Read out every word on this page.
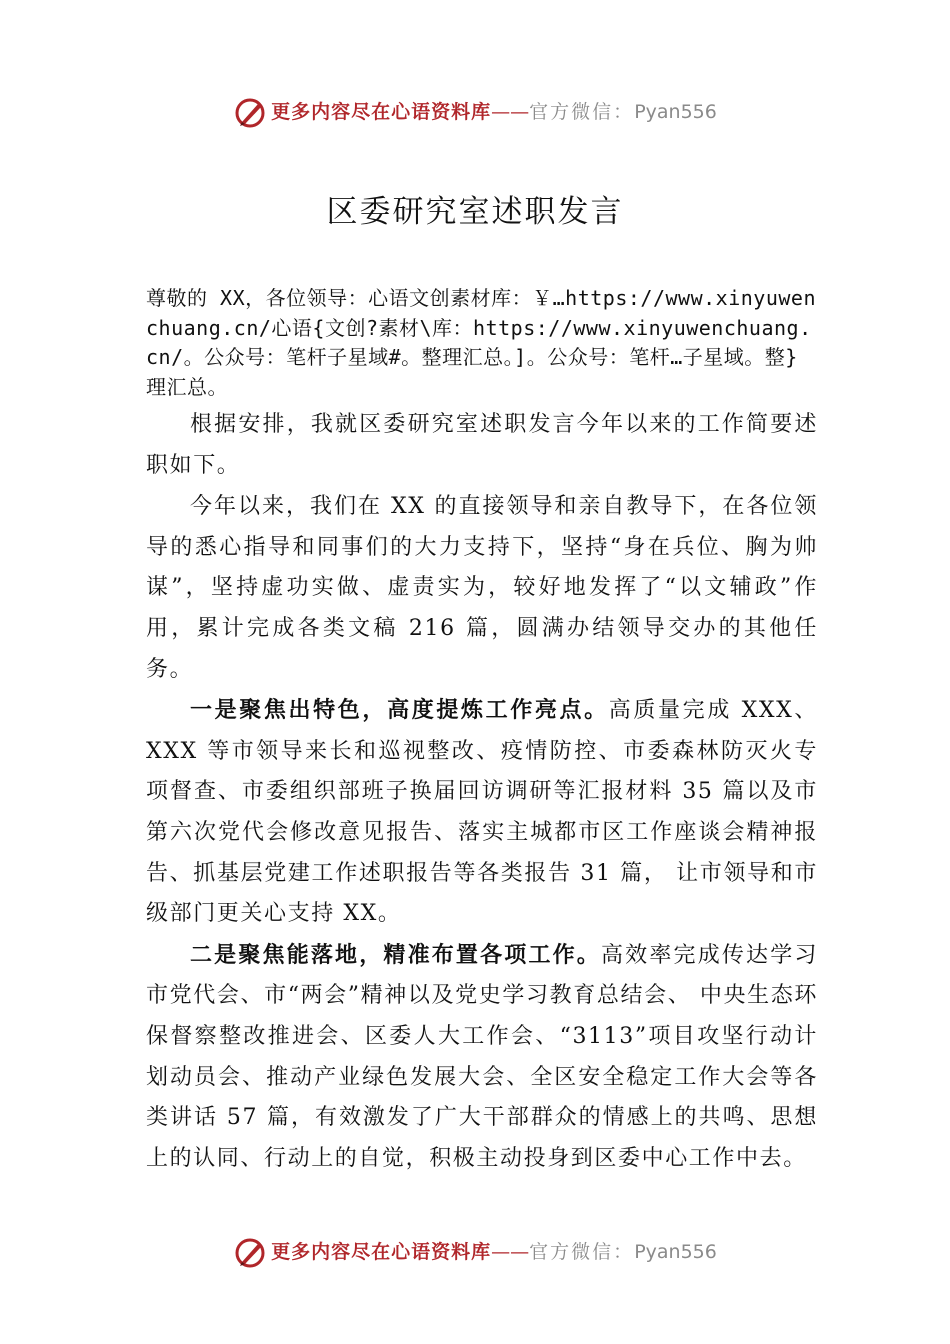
更多内容尽在心语资料库——官方微信：Pyan556
区委研究室述职发言
尊敬的 XX，各位领导：心语文创素材库：￥…https://www.xinyuwenchuang.cn/心语{文创?素材\库：https://www.xinyuwenchuang.cn/。公众号：笔杆子星域#。整理汇总。]。公众号：笔杆…子星域。整}理汇总。

根据安排，我就区委研究室述职发言今年以来的工作简要述职如下。

今年以来，我们在 XX 的直接领导和亲自教导下，在各位领导的悉心指导和同事们的大力支持下，坚持“身在兵位、胸为帅谋”，坚持虚功实做、虚责实为，较好地发挥了“以文辅政”作用，累计完成各类文稿 216 篇，圆满办结领导交办的其他任务。

一是聚焦出特色，高度提炼工作亮点。高质量完成 XXX、XXX 等市领导来长和巡视整改、疫情防控、市委森林防灭火专项督查、市委组织部班子换届回访调研等汇报材料 35 篇以及市第六次党代会修改意见报告、落实主城都市区工作座谈会精神报告、抓基层党建工作述职报告等各类报告 31 篇， 让市领导和市级部门更关心支持 XX。

二是聚焦能落地，精准布置各项工作。高效率完成传达学习市党代会、市“两会”精神以及党史学习教育总结会、 中央生态环保督察整改推进会、区委人大工作会、“3113”项目攻坚行动计划动员会、推动产业绿色发展大会、全区安全稳定工作大会等各类讲话 57 篇，有效激发了广大干部群众的情感上的共鸣、思想上的认同、行动上的自觉，积极主动投身到区委中心工作中去。

更多内容尽在心语资料库——官方微信：Pyan556
